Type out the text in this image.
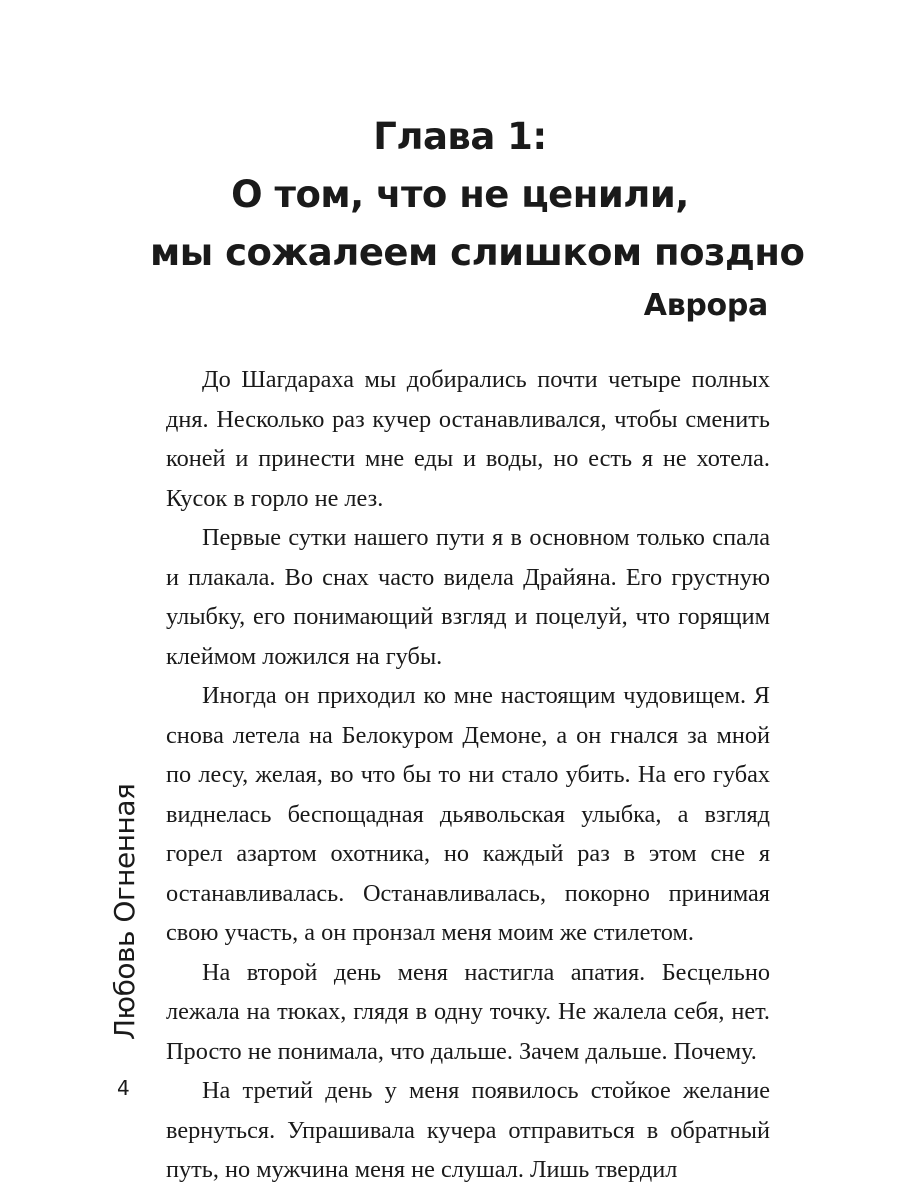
Глава 1:
О том, что не ценили,
мы сожалеем слишком поздно
Аврора

До Шагдараха мы добирались почти четыре полных дня. Несколько раз кучер останавливался, чтобы сменить коней и принести мне еды и воды, но есть я не хотела. Кусок в горло не лез.

Первые сутки нашего пути я в основном только спала и плакала. Во снах часто видела Драйяна. Его грустную улыбку, его понимающий взгляд и поцелуй, что горящим клеймом ложился на губы.

Иногда он приходил ко мне настоящим чудовищем. Я снова летела на Белокуром Демоне, а он гнался за мной по лесу, желая, во что бы то ни стало убить. На его губах виднелась беспощадная дьявольская улыбка, а взгляд горел азартом охотника, но каждый раз в этом сне я останавливалась. Останавливалась, покорно принимая свою участь, а он пронзал меня моим же стилетом.

На второй день меня настигла апатия. Бесцельно лежала на тюках, глядя в одну точку. Не жалела себя, нет. Просто не понимала, что дальше. Зачем дальше. Почему.

На третий день у меня появилось стойкое желание вернуться. Упрашивала кучера отправиться в обратный путь, но мужчина меня не слушал. Лишь твердил

Любовь Огненная
4
